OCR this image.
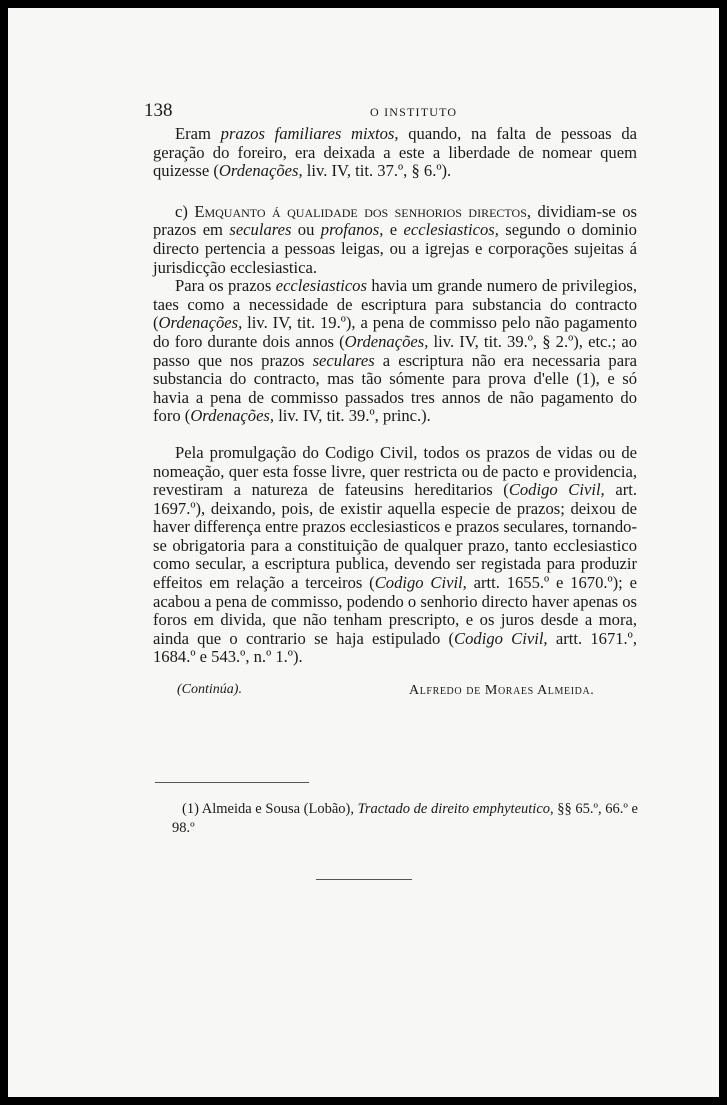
138	O INSTITUTO

Eram prazos familiares mixtos, quando, na falta de pessoas da geração do foreiro, era deixada a este a liberdade de nomear quem quizesse (Ordenações, liv. IV, tit. 37.º, § 6.º).

c) Emquanto á qualidade dos senhorios directos, dividiam-se os prazos em seculares ou profanos, e ecclesiasticos, segundo o dominio directo pertencia a pessoas leigas, ou a igrejas e corporações sujeitas á jurisdicção ecclesiastica.

Para os prazos ecclesiasticos havia um grande numero de privilegios, taes como a necessidade de escriptura para substancia do contracto (Ordenações, liv. IV, tit. 19.º), a pena de commisso pelo não pagamento do foro durante dois annos (Ordenações, liv. IV, tit. 39.º, § 2.º), etc.; ao passo que nos prazos seculares a escriptura não era necessaria para substancia do contracto, mas tão sómente para prova d'elle (1), e só havia a pena de commisso passados tres annos de não pagamento do foro (Ordenações, liv. IV, tit. 39.º, princ.).

Pela promulgação do Codigo Civil, todos os prazos de vidas ou de nomeação, quer esta fosse livre, quer restricta ou de pacto e providencia, revestiram a natureza de fateusins hereditarios (Codigo Civil, art. 1697.º), deixando, pois, de existir aquella especie de prazos; deixou de haver differença entre prazos ecclesiasticos e prazos seculares, tornando-se obrigatoria para a constituição de qualquer prazo, tanto ecclesiastico como secular, a escriptura publica, devendo ser registada para produzir effeitos em relação a terceiros (Codigo Civil, artt. 1655.º e 1670.º); e acabou a pena de commisso, podendo o senhorio directo haver apenas os foros em divida, que não tenham prescripto, e os juros desde a mora, ainda que o contrario se haja estipulado (Codigo Civil, artt. 1671.º, 1684.º e 543.º, n.º 1.º).

(Continúa).	Alfredo de Moraes Almeida.

(1) Almeida e Sousa (Lobão), Tractado de direito emphyteutico, §§ 65.º, 66.º e 98.º
